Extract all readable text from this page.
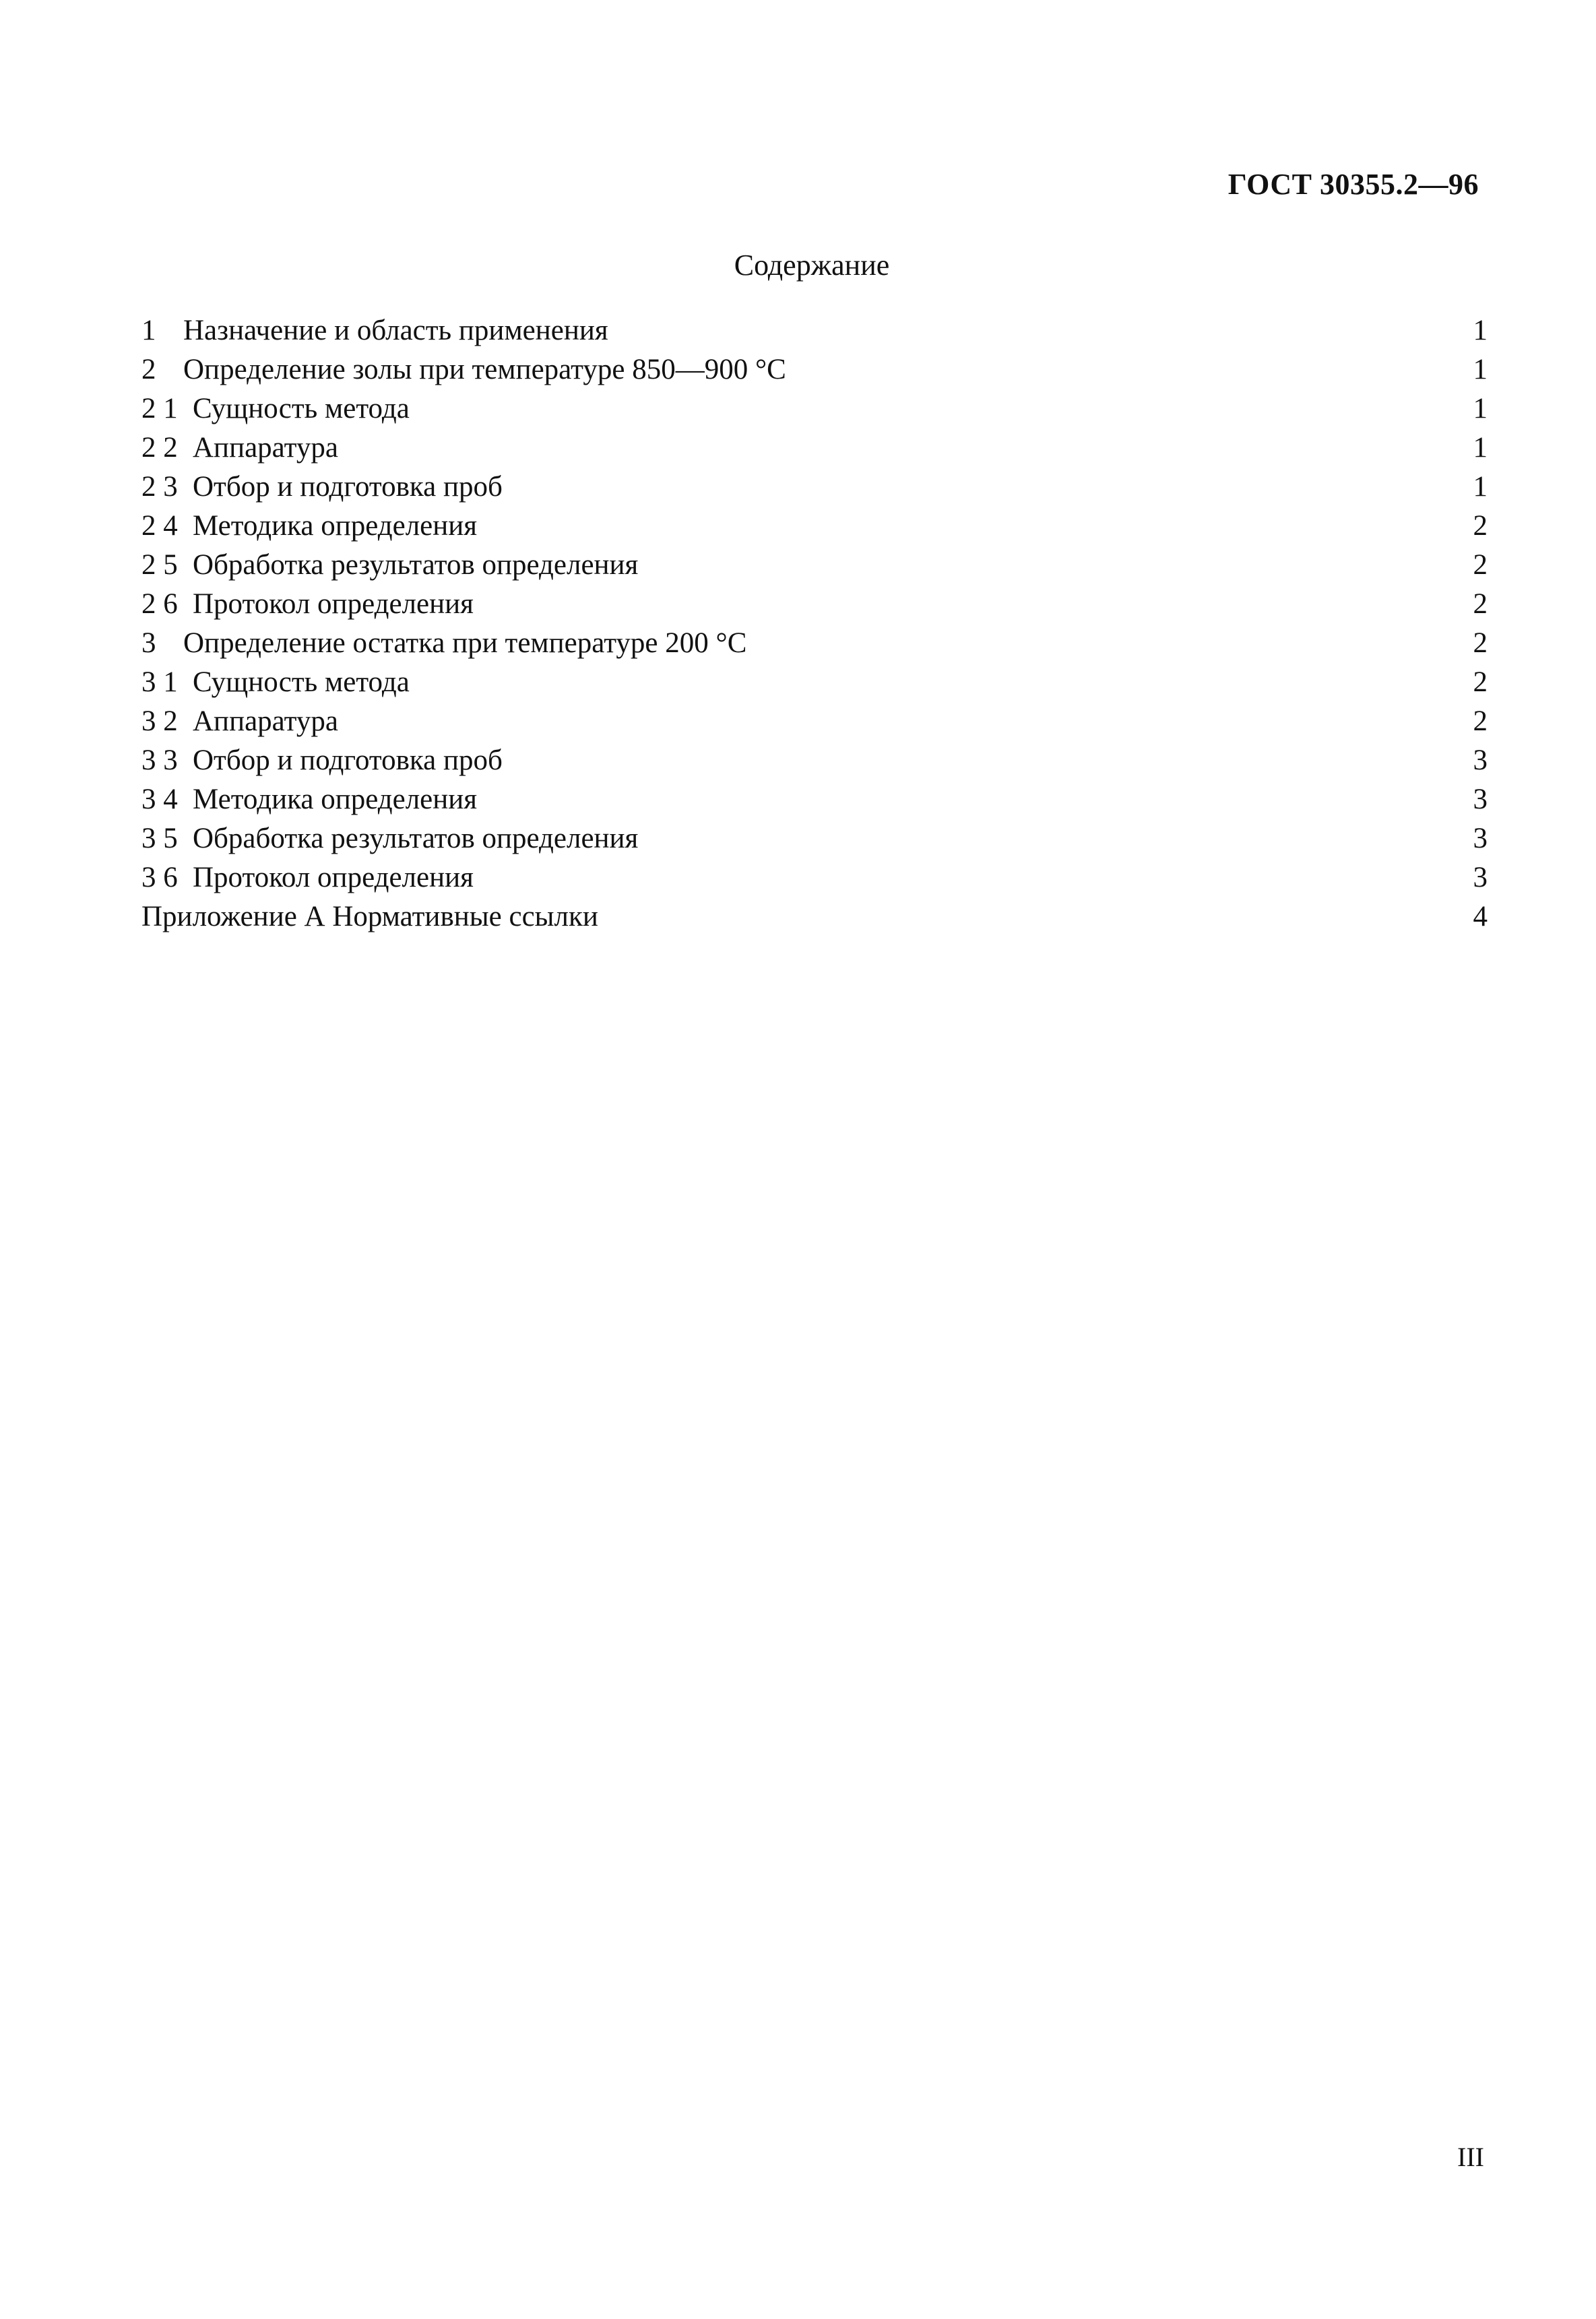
ГОСТ 30355.2—96
Содержание
1 Назначение и область применения	1
2 Определение золы при температуре 850—900 °С	1
2 1 Сущность метода	1
2 2 Аппаратура	1
2 3 Отбор и подготовка проб	1
2 4 Методика определения	2
2 5 Обработка результатов определения	2
2 6 Протокол определения	2
3 Определение остатка при температуре 200 °С	2
3 1 Сущность метода	2
3 2 Аппаратура	2
3 3 Отбор и подготовка проб	3
3 4 Методика определения	3
3 5 Обработка результатов определения	3
3 6 Протокол определения	3
Приложение А Нормативные ссылки	4
III
